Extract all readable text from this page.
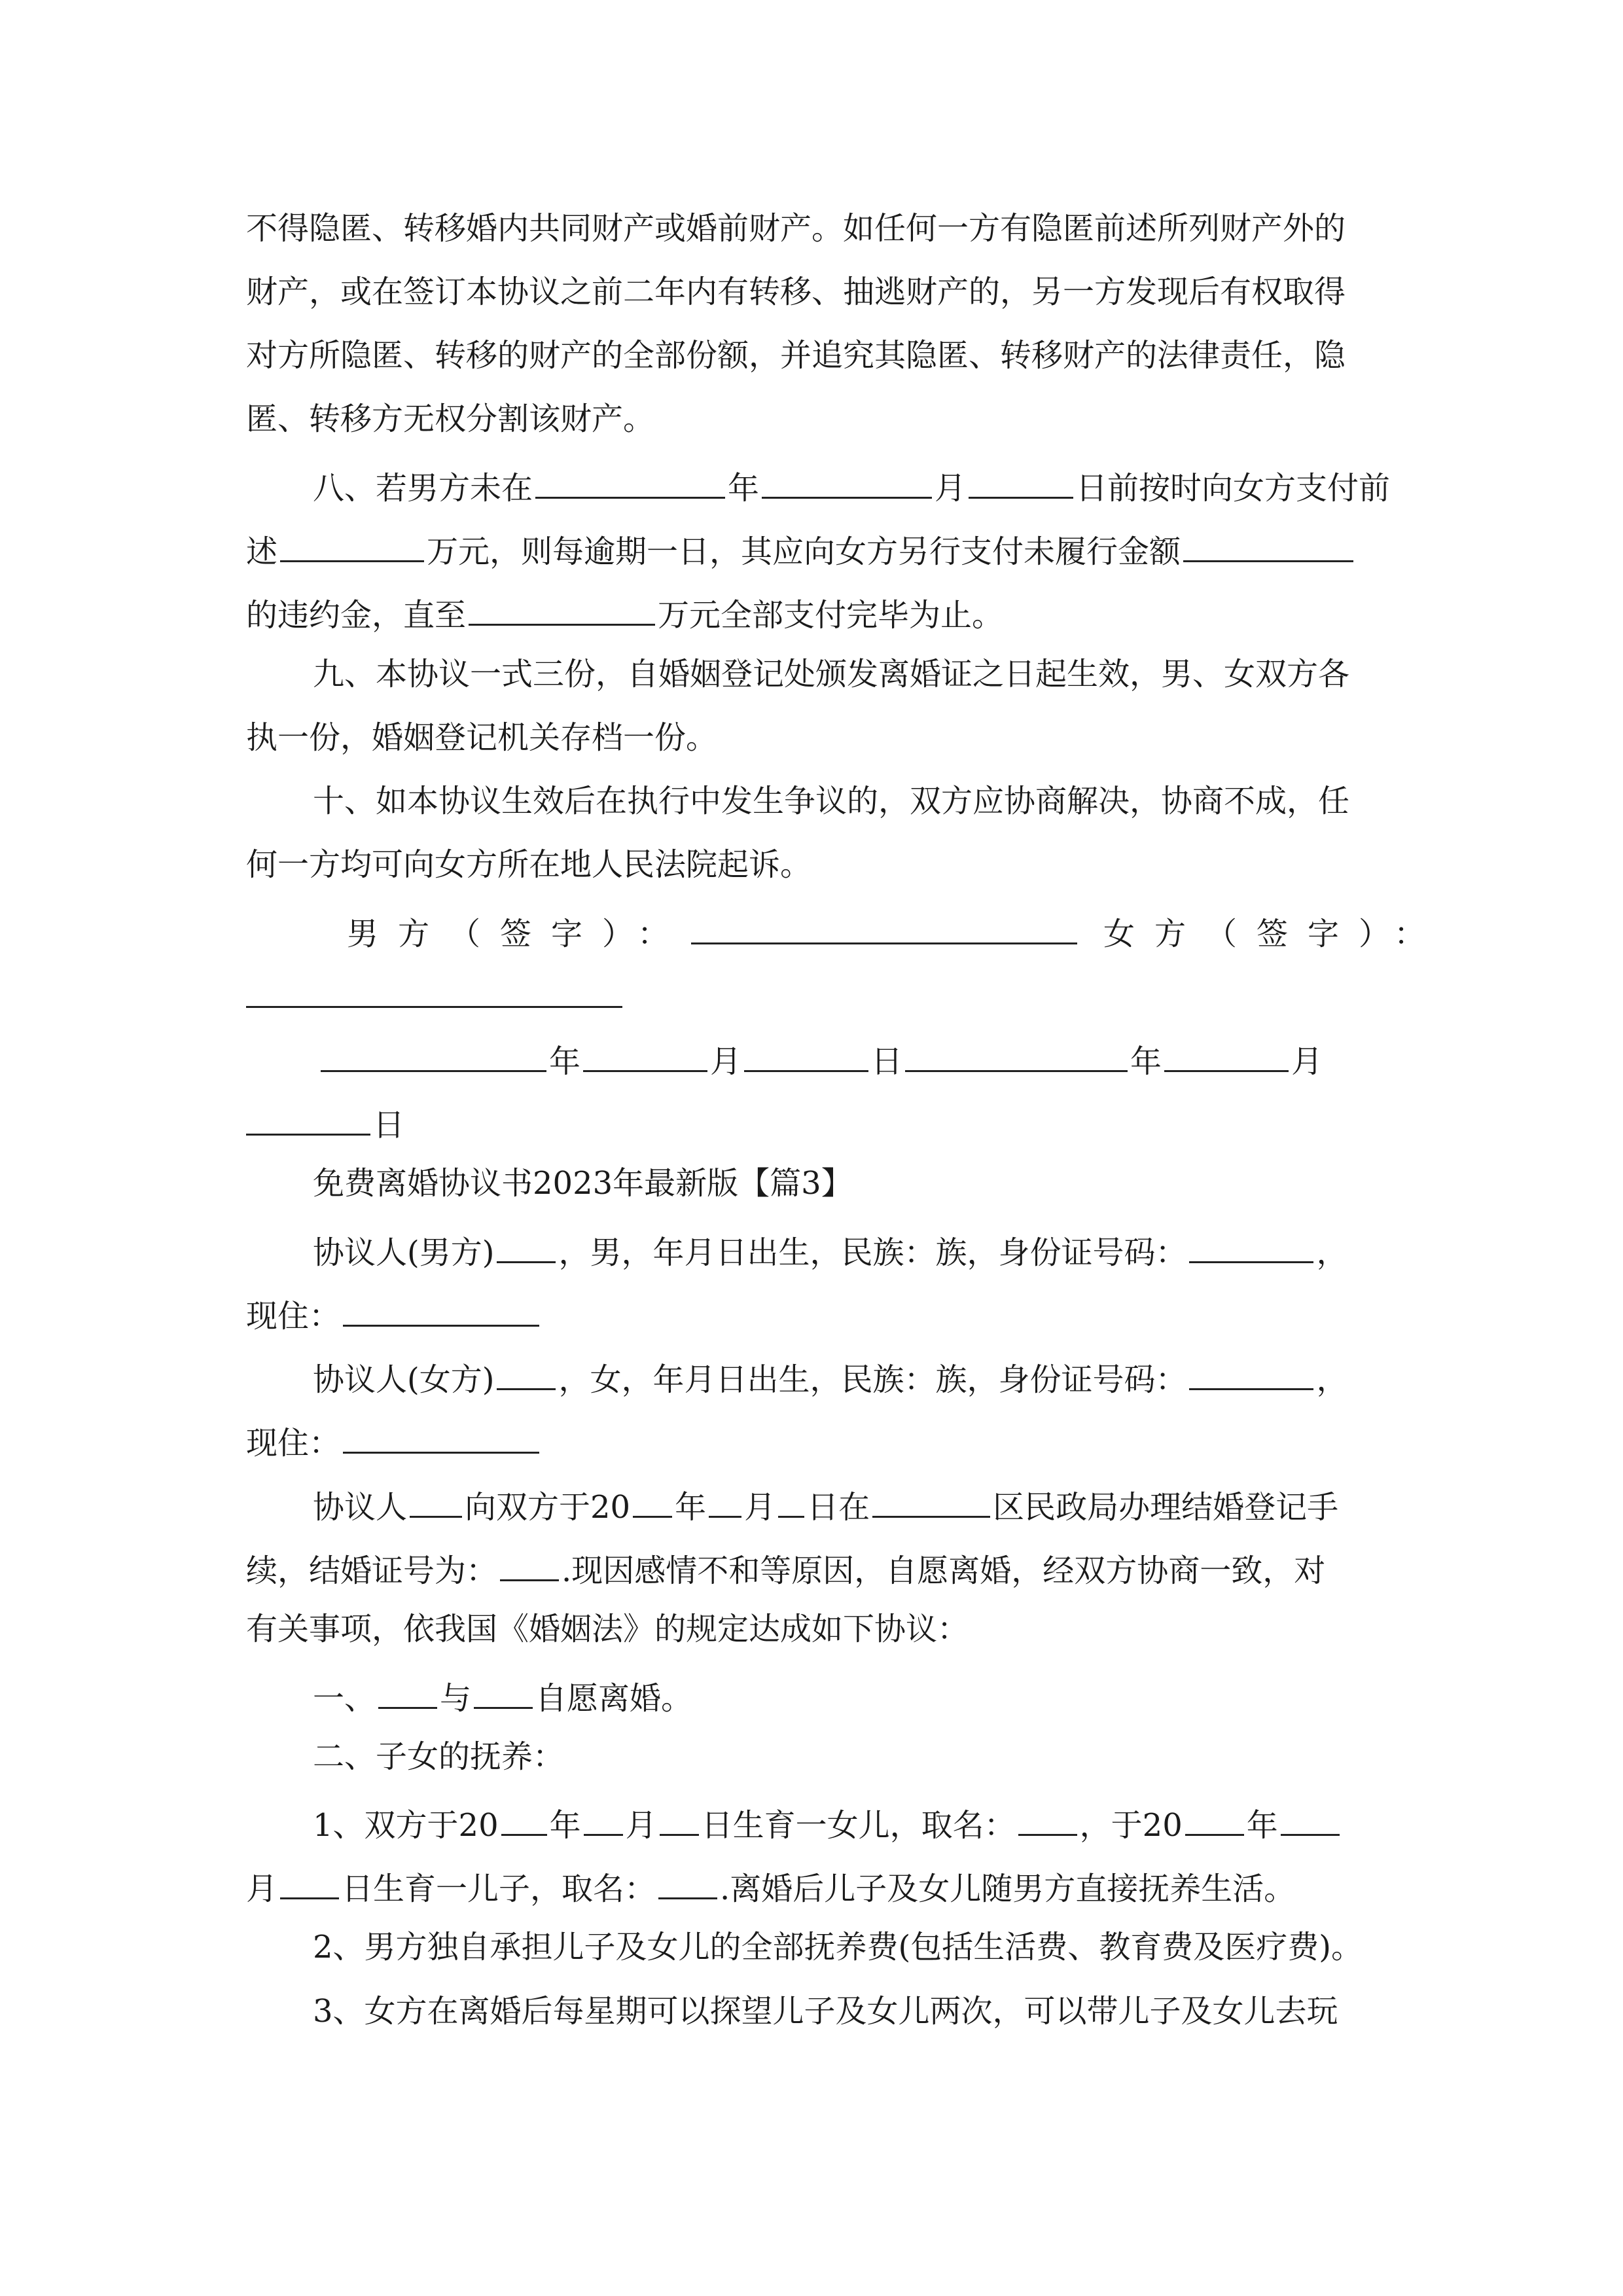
不得隐匿、转移婚内共同财产或婚前财产。如任何一方有隐匿前述所列财产外的
财产，或在签订本协议之前二年内有转移、抽逃财产的，另一方发现后有权取得
对方所隐匿、转移的财产的全部份额，并追究其隐匿、转移财产的法律责任，隐
匿、转移方无权分割该财产。
八、若男方未在	年	月	日前按时向女方支付前
述	万元，则每逾期一日，其应向女方另行支付未履行金额
的违约金，直至	万元全部支付完毕为止。
九、本协议一式三份，自婚姻登记处颁发离婚证之日起生效，男、女双方各
执一份，婚姻登记机关存档一份。
十、如本协议生效后在执行中发生争议的，双方应协商解决，协商不成，任
何一方均可向女方所在地人民法院起诉。
男方（签字）：	女方（签字）：
年	月	日	年	月
日
免费离婚协议书2023年最新版【篇3】
协议人(男方) ，男，年月日出生，民族：族，身份证号码：	，
现住：
协议人(女方) ，女，年月日出生，民族：族，身份证号码：	，
现住：
协议人 向双方于20 年 月 日在	区民政局办理结婚登记手
续，结婚证号为： .现因感情不和等原因，自愿离婚，经双方协商一致，对
有关事项，依我国《婚姻法》的规定达成如下协议：
一、 与 自愿离婚。
二、子女的抚养：
1、双方于20 年 月 日生育一女儿，取名： ，于20 年
月 日生育一儿子，取名： .离婚后儿子及女儿随男方直接抚养生活。
2、男方独自承担儿子及女儿的全部抚养费(包括生活费、教育费及医疗费)。
3、女方在离婚后每星期可以探望儿子及女儿两次，可以带儿子及女儿去玩
